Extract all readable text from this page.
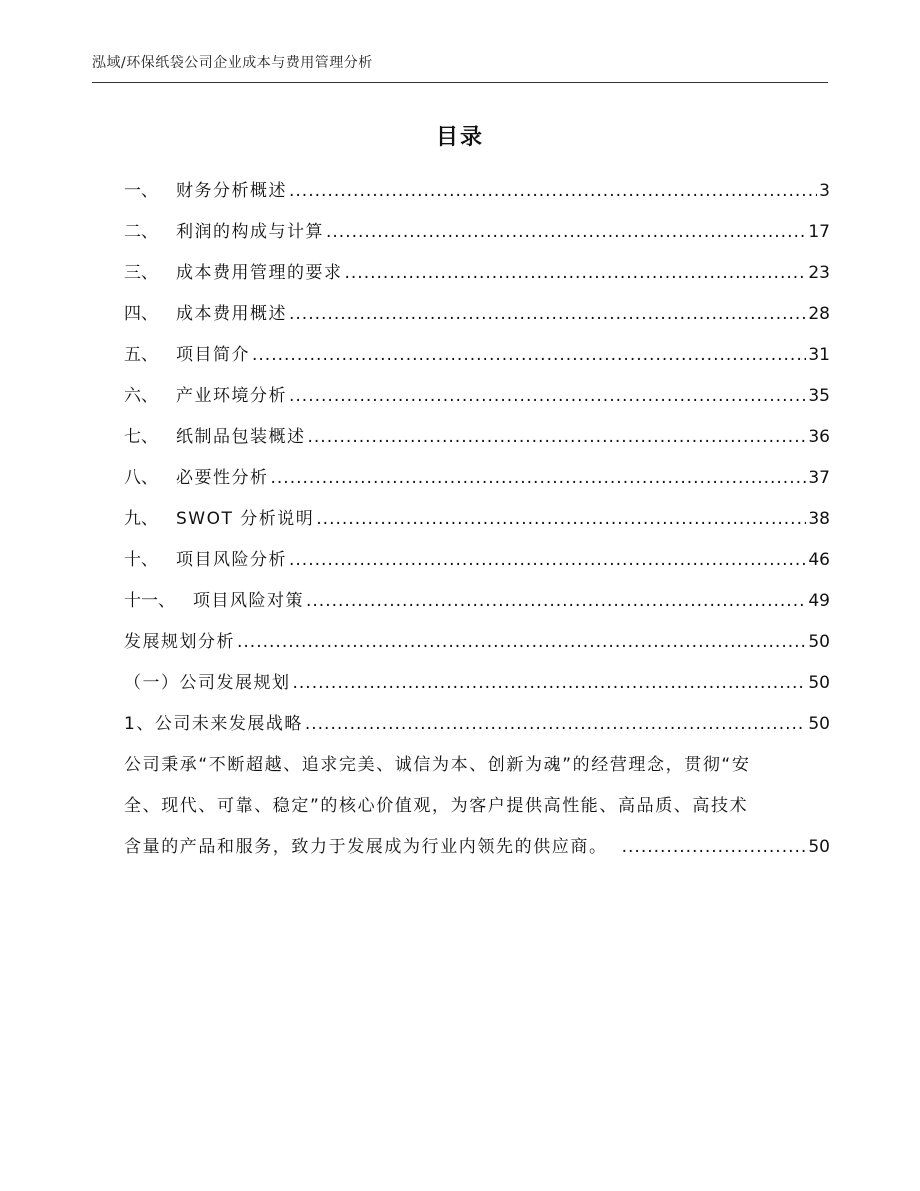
泓域/环保纸袋公司企业成本与费用管理分析
目录
一、 财务分析概述 .....	3
二、 利润的构成与计算 .....	17
三、 成本费用管理的要求 .....	23
四、 成本费用概述 .....	28
五、 项目简介 .....	31
六、 产业环境分析 .....	35
七、 纸制品包装概述 .....	36
八、 必要性分析 .....	37
九、 SWOT 分析说明 .....	38
十、 项目风险分析 .....	46
十一、 项目风险对策 .....	49
发展规划分析 .....	50
（一）公司发展规划 .....	50
1、公司未来发展战略 .....	50
公司秉承“不断超越、追求完美、诚信为本、创新为魂”的经营理念，贯彻“安
全、现代、可靠、稳定”的核心价值观，为客户提供高性能、高品质、高技术
含量的产品和服务，致力于发展成为行业内领先的供应商。 .....	50
